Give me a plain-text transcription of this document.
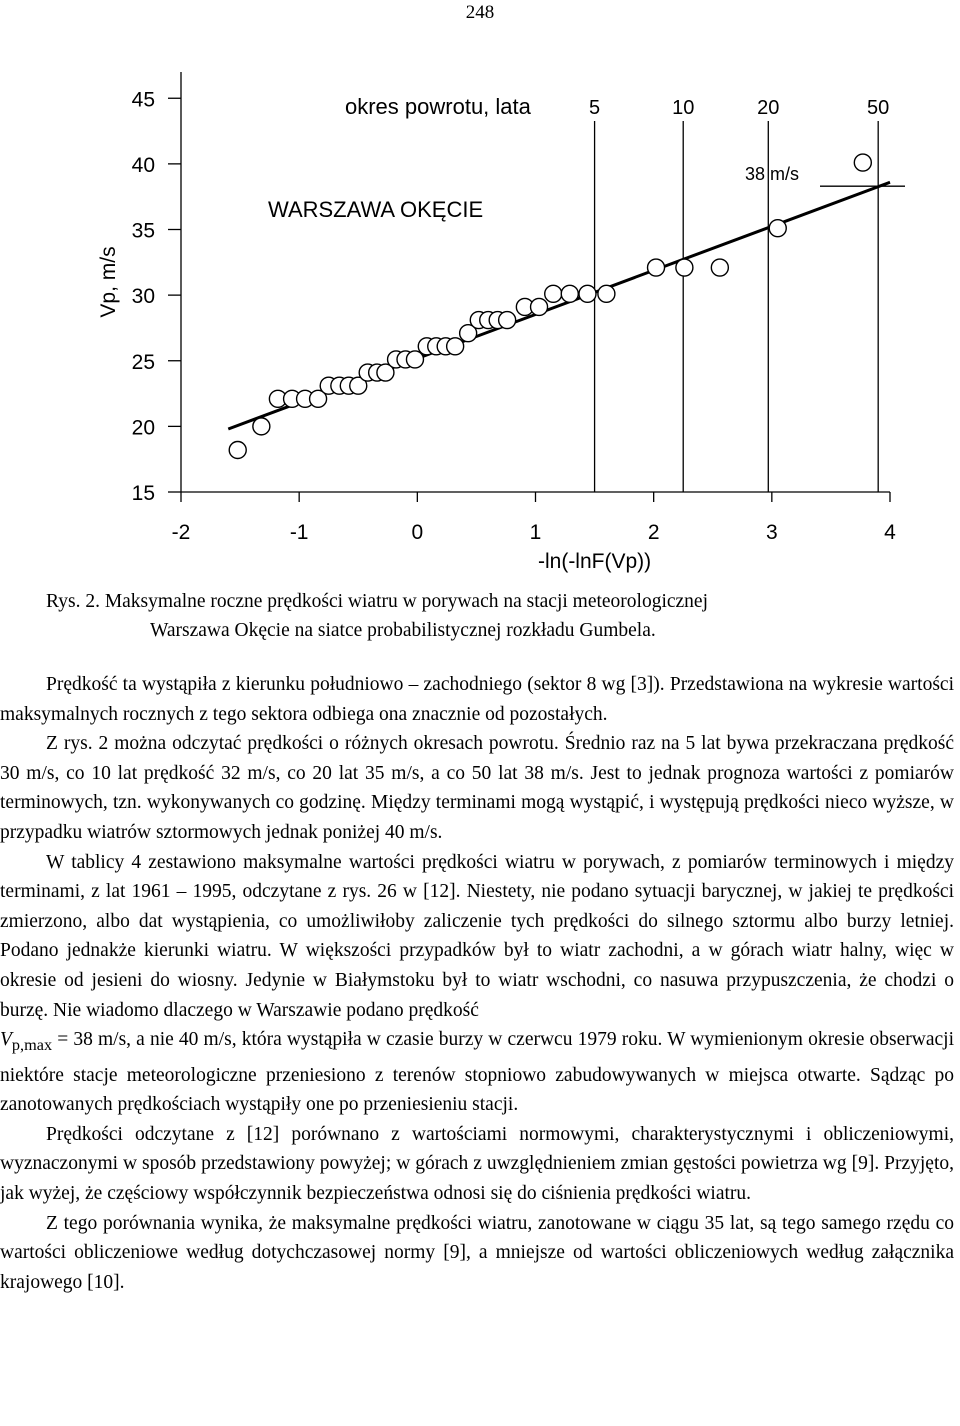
248
15
20
25
30
35
40
45
-2	-1	0	1	2	3	4
-ln(-lnF(Vp))
Vp, m/s
okres powrotu, lata	5	10	20	50
WARSZAWA OKĘCIE
38 m/s
Rys. 2. Maksymalne roczne prędkości wiatru w porywach na stacji meteorologicznej
Warszawa Okęcie na siatce probabilistycznej rozkładu Gumbela.

Prędkość ta wystąpiła z kierunku południowo – zachodniego (sektor 8 wg [3]). Przedstawiona na wykresie wartości maksymalnych rocznych z tego sektora odbiega ona znacznie od pozostałych.

Z rys. 2 można odczytać prędkości o różnych okresach powrotu. Średnio raz na 5 lat bywa przekraczana prędkość 30 m/s, co 10 lat prędkość 32 m/s, co 20 lat 35 m/s, a co 50 lat 38 m/s. Jest to jednak prognoza wartości z pomiarów terminowych, tzn. wykonywanych co godzinę. Między terminami mogą wystąpić, i występują prędkości nieco wyższe, w przypadku wiatrów sztormowych jednak poniżej 40 m/s.

W tablicy 4 zestawiono maksymalne wartości prędkości wiatru w porywach, z pomiarów terminowych i między terminami, z lat 1961 – 1995, odczytane z rys. 26 w [12]. Niestety, nie podano sytuacji barycznej, w jakiej te prędkości zmierzono, albo dat wystąpienia, co umożliwiłoby zaliczenie tych prędkości do silnego sztormu albo burzy letniej. Podano jednakże kierunki wiatru. W większości przypadków był to wiatr zachodni, a w górach wiatr halny, więc w okresie od jesieni do wiosny. Jedynie w Białymstoku był to wiatr wschodni, co nasuwa przypuszczenia, że chodzi o burzę. Nie wiadomo dlaczego w Warszawie podano prędkość

$V_{p,max} = 38$ m/s, a nie 40 m/s, która wystąpiła w czasie burzy w czerwcu 1979 roku. W wymienionym okresie obserwacji niektóre stacje meteorologiczne przeniesiono z terenów stopniowo zabudowywanych w miejsca otwarte. Sądząc po zanotowanych prędkościach wystąpiły one po przeniesieniu stacji.

Prędkości odczytane z [12] porównano z wartościami normowymi, charakterystycznymi i obliczeniowymi, wyznaczonymi w sposób przedstawiony powyżej; w górach z uwzględnieniem zmian gęstości powietrza wg [9]. Przyjęto, jak wyżej, że częściowy współczynnik bezpieczeństwa odnosi się do ciśnienia prędkości wiatru.

Z tego porównania wynika, że maksymalne prędkości wiatru, zanotowane w ciągu 35 lat, są tego samego rzędu co wartości obliczeniowe według dotychczasowej normy [9], a mniejsze od wartości obliczeniowych według załącznika krajowego [10].
